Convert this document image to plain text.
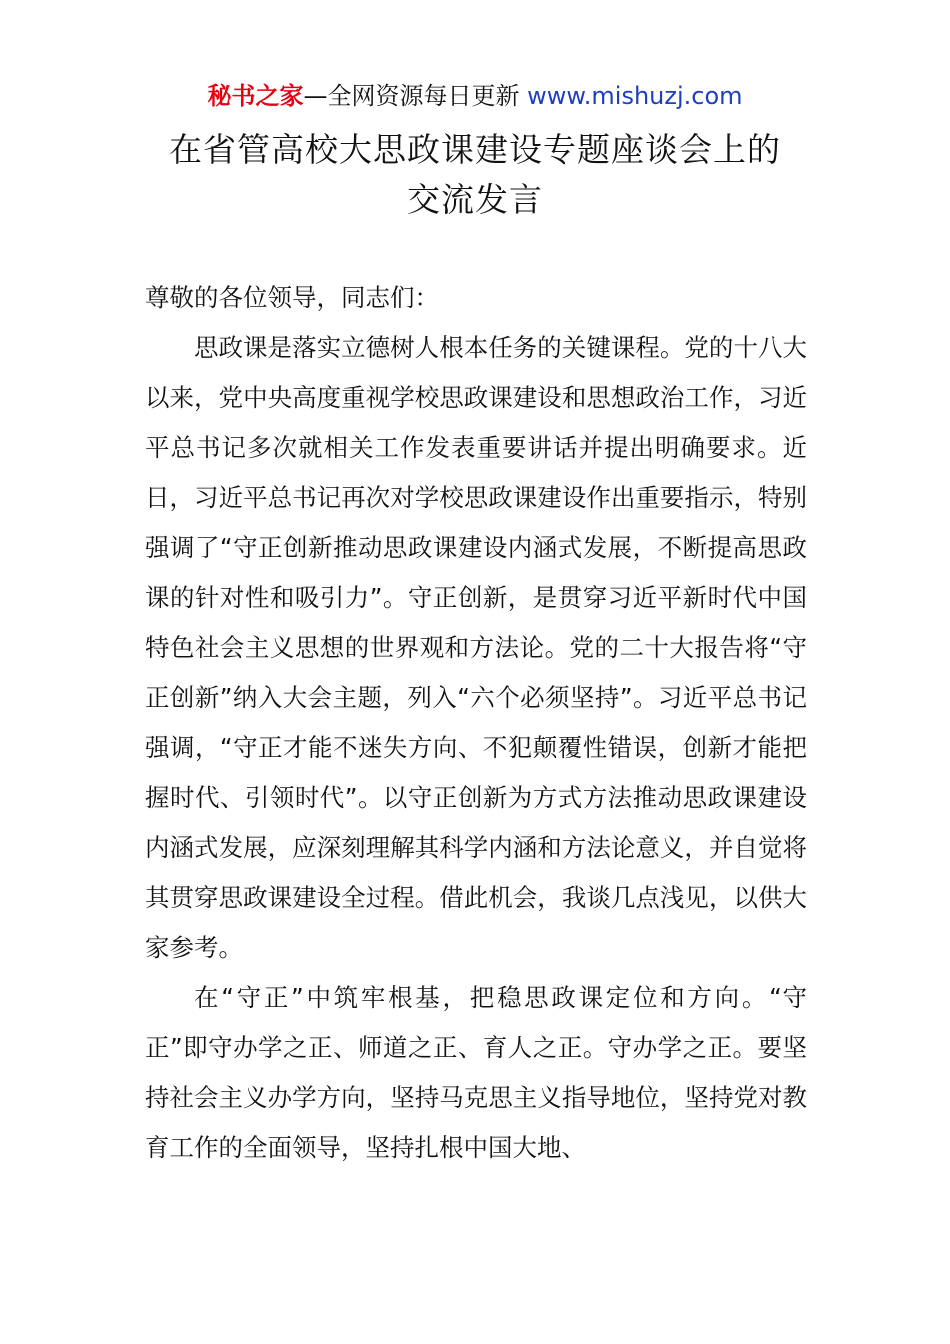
秘书之家—全网资源每日更新 www.mishuzj.com
在省管高校大思政课建设专题座谈会上的
交流发言

尊敬的各位领导，同志们：

思政课是落实立德树人根本任务的关键课程。党的十八大以来，党中央高度重视学校思政课建设和思想政治工作，习近平总书记多次就相关工作发表重要讲话并提出明确要求。近日，习近平总书记再次对学校思政课建设作出重要指示，特别强调了“守正创新推动思政课建设内涵式发展，不断提高思政课的针对性和吸引力”。守正创新，是贯穿习近平新时代中国特色社会主义思想的世界观和方法论。党的二十大报告将“守正创新”纳入大会主题，列入“六个必须坚持”。习近平总书记强调，“守正才能不迷失方向、不犯颠覆性错误，创新才能把握时代、引领时代”。以守正创新为方式方法推动思政课建设内涵式发展，应深刻理解其科学内涵和方法论意义，并自觉将其贯穿思政课建设全过程。借此机会，我谈几点浅见，以供大家参考。

在“守正”中筑牢根基，把稳思政课定位和方向。“守正”即守办学之正、师道之正、育人之正。守办学之正。要坚持社会主义办学方向，坚持马克思主义指导地位，坚持党对教育工作的全面领导，坚持扎根中国大地、
